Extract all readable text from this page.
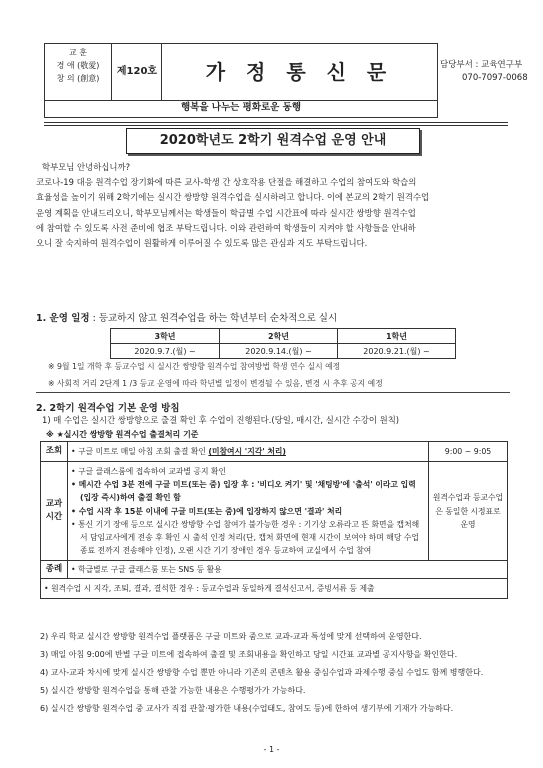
교 훈
경 애 (敬愛)
창 의 (創意)
제120호	가 정 통 신 문	담당부서 : 교육연구부
070-7097-0068
행복을 나누는 평화로운 동행
2020학년도 2학기 원격수업 운영 안내
학부모님 안녕하십니까?
코로나-19 대응 원격수업 장기화에 따른 교사-학생 간 상호작용 단절을 해결하고 수업의 참여도와 학습의
효율성을 높이기 위해 2학기에는 실시간 쌍방향 원격수업을 실시하려고 합니다. 이에 본교의 2학기 원격수업
운영 계획을 안내드리오니, 학부모님께서는 학생들이 학급별 수업 시간표에 따라 실시간 쌍방향 원격수업
에 참여할 수 있도록 사전 준비에 협조 부탁드립니다. 이와 관련하여 학생들이 지켜야 할 사항들을 안내하
오니 잘 숙지하여 원격수업이 원활하게 이루어질 수 있도록 많은 관심과 지도 부탁드립니다.
1. 운영 일정 : 등교하지 않고 원격수업을 하는 학년부터 순차적으로 실시
3학년	2학년	1학년
2020.9.7.(월) ~	2020.9.14.(월) ~	2020.9.21.(월) ~
※ 9월 1일 개학 후 등교수업 시 실시간 쌍방향 원격수업 참여방법 학생 연수 실시 예정
※ 사회적 거리 2단계 1 /3 등교 운영에 따라 학년별 일정이 변경될 수 있음, 변경 시 추후 공지 예정
2. 2학기 원격수업 기본 운영 방침
1) 매 수업은 실시간 쌍방향으로 출결 확인 후 수업이 진행된다.(당일, 매시간, 실시간 수강이 원칙)
※ ★실시간 쌍방향 원격수업 출결처리 기준
조회	• 구글 미트로 매일 아침 조회 출결 확인 (미참여시 '지각' 처리)	9:00 ~ 9:05
교과 시간	• 구글 클래스룸에 접속하여 교과별 공지 확인
• 메시간 수업 3분 전에 구글 미트(또는 줌) 입장 후 : '비디오 켜기' 및 '채팅방'에 '출석' 이라고 입력(입장 즉시)하여 출결 확인 함
• 수업 시작 후 15분 이내에 구글 미트(또는 줌)에 입장하지 않으면 '결과' 처리
• 통신 기기 장애 등으로 실시간 쌍방향 수업 참여가 불가능한 경우 : 기기상 오류라고 뜬 화면을 캡처해서 담임교사에게 전송 후 확인 시 출석 인정 처리(단, 캡처 화면에 현재 시간이 보여야 하며 해당 수업 종료 전까지 전송해야 인정), 오랜 시간 기기 장애인 경우 등교하여 교실에서 수업 참여	원격수업과 등교수업은 동일한 시정표로 운영
종례	• 학급별로 구글 클래스룸 또는 SNS 등 활용	
• 원격수업 시 지각, 조퇴, 결과, 결석한 경우 : 등교수업과 동일하게 결석신고서, 증빙서류 등 제출		
2) 우리 학교 실시간 쌍방향 원격수업 플랫폼은 구글 미트와 줌으로 교과-교과 특성에 맞게 선택하여 운영한다.
3) 매일 아침 9:00에 반별 구글 미트에 접속하여 출결 및 조회내용을 확인하고 당일 시간표 교과별 공지사항을 확인한다.
4) 교사-교과 차시에 맞게 실시간 쌍방향 수업 뿐만 아니라 기존의 콘텐츠 활용 중심수업과 과제수행 중심 수업도 함께 병행한다.
5) 실시간 쌍방향 원격수업을 통해 관찰 가능한 내용은 수행평가가 가능하다.
6) 실시간 쌍방향 원격수업 중 교사가 직접 관찰·평가한 내용(수업태도, 참여도 등)에 한하여 생기부에 기재가 가능하다.
- 1 -
